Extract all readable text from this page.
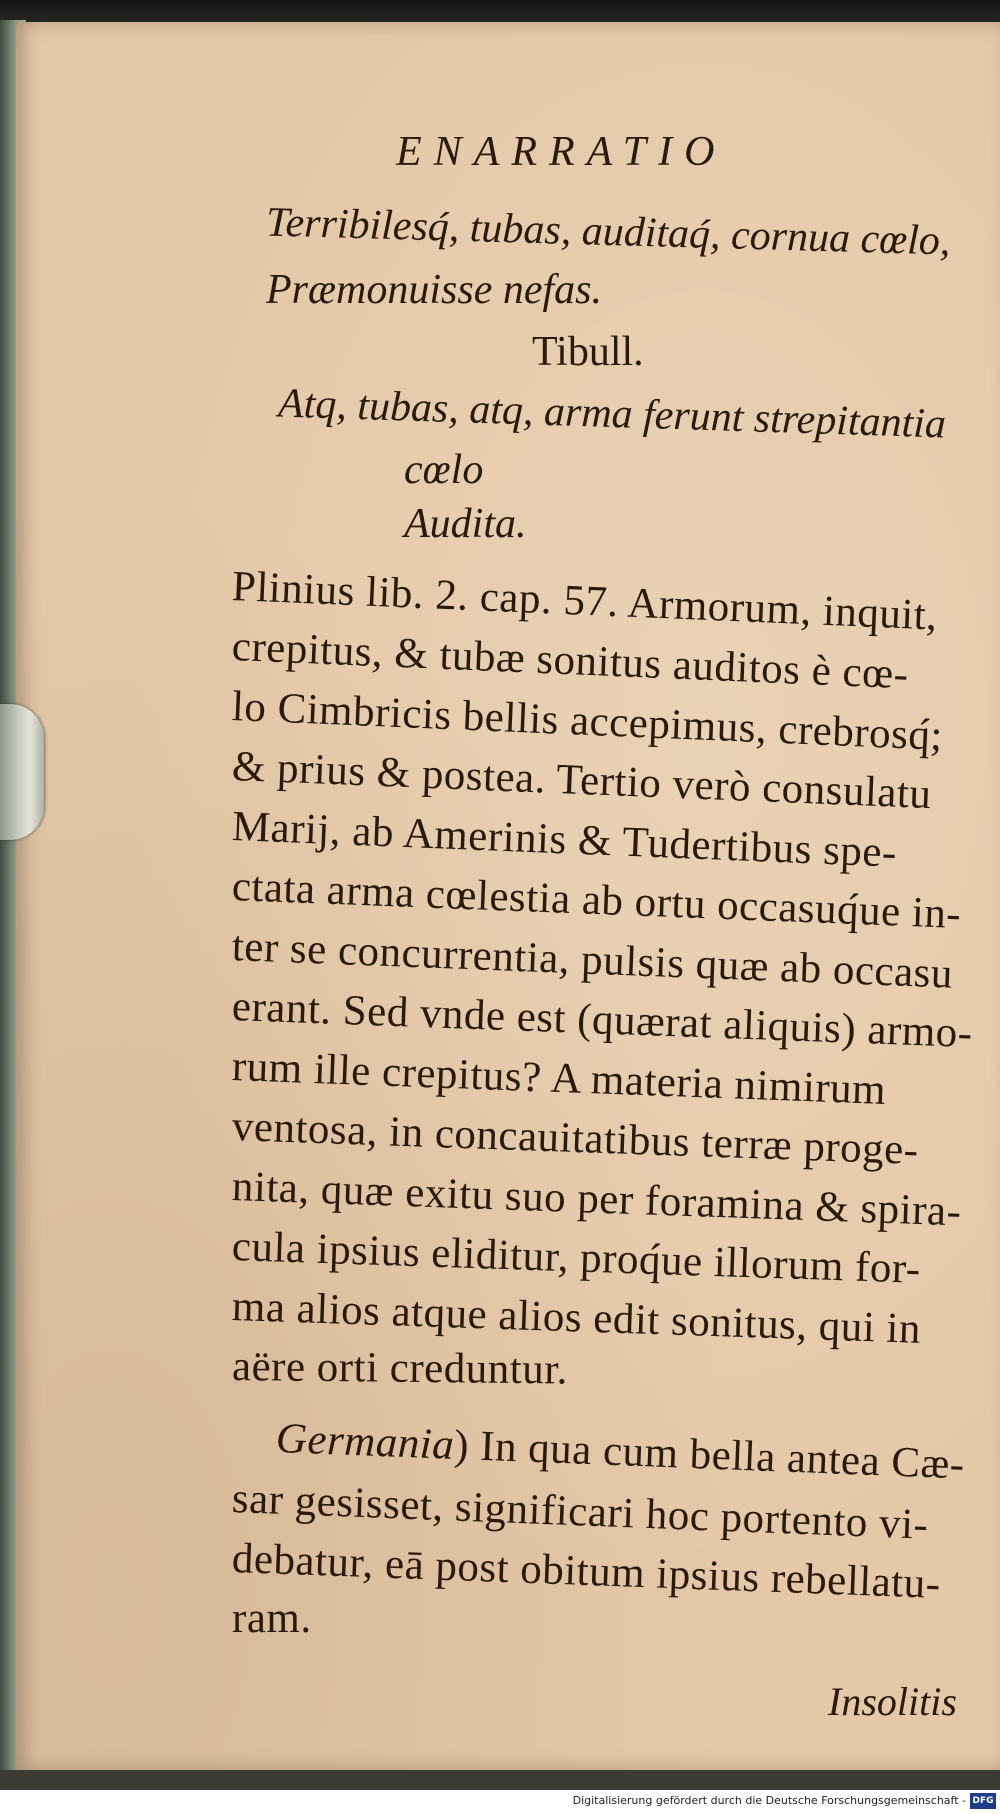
ENARRATIO
Terribilesq́, tubas, auditaq́, cornua cœlo,
Præmonuisse nefas.
Tibull.
Atq, tubas, atq, arma ferunt strepitantia
cœlo
Audita.
Plinius lib. 2. cap. 57. Armorum, inquit,
crepitus, & tubæ sonitus auditos è cœ-
lo Cimbricis bellis accepimus, crebrosq́;
& prius & postea. Tertio verò consulatu
Marij, ab Amerinis & Tudertibus spe-
ctata arma cœlestia ab ortu occasuq́ue in-
ter se concurrentia, pulsis quæ ab occasu
erant. Sed vnde est (quærat aliquis) armo-
rum ille crepitus? A materia nimirum
ventosa, in concauitatibus terræ proge-
nita, quæ exitu suo per foramina & spira-
cula ipsius eliditur, proq́ue illorum for-
ma alios atque alios edit sonitus, qui in
aëre orti creduntur.
Germania) In qua cum bella antea Cæ-
sar gesisset, significari hoc portento vi-
debatur, eā post obitum ipsius rebellatu-
ram.
Insolitis
Digitalisierung gefördert durch die Deutsche Forschungsgemeinschaft - DFG
